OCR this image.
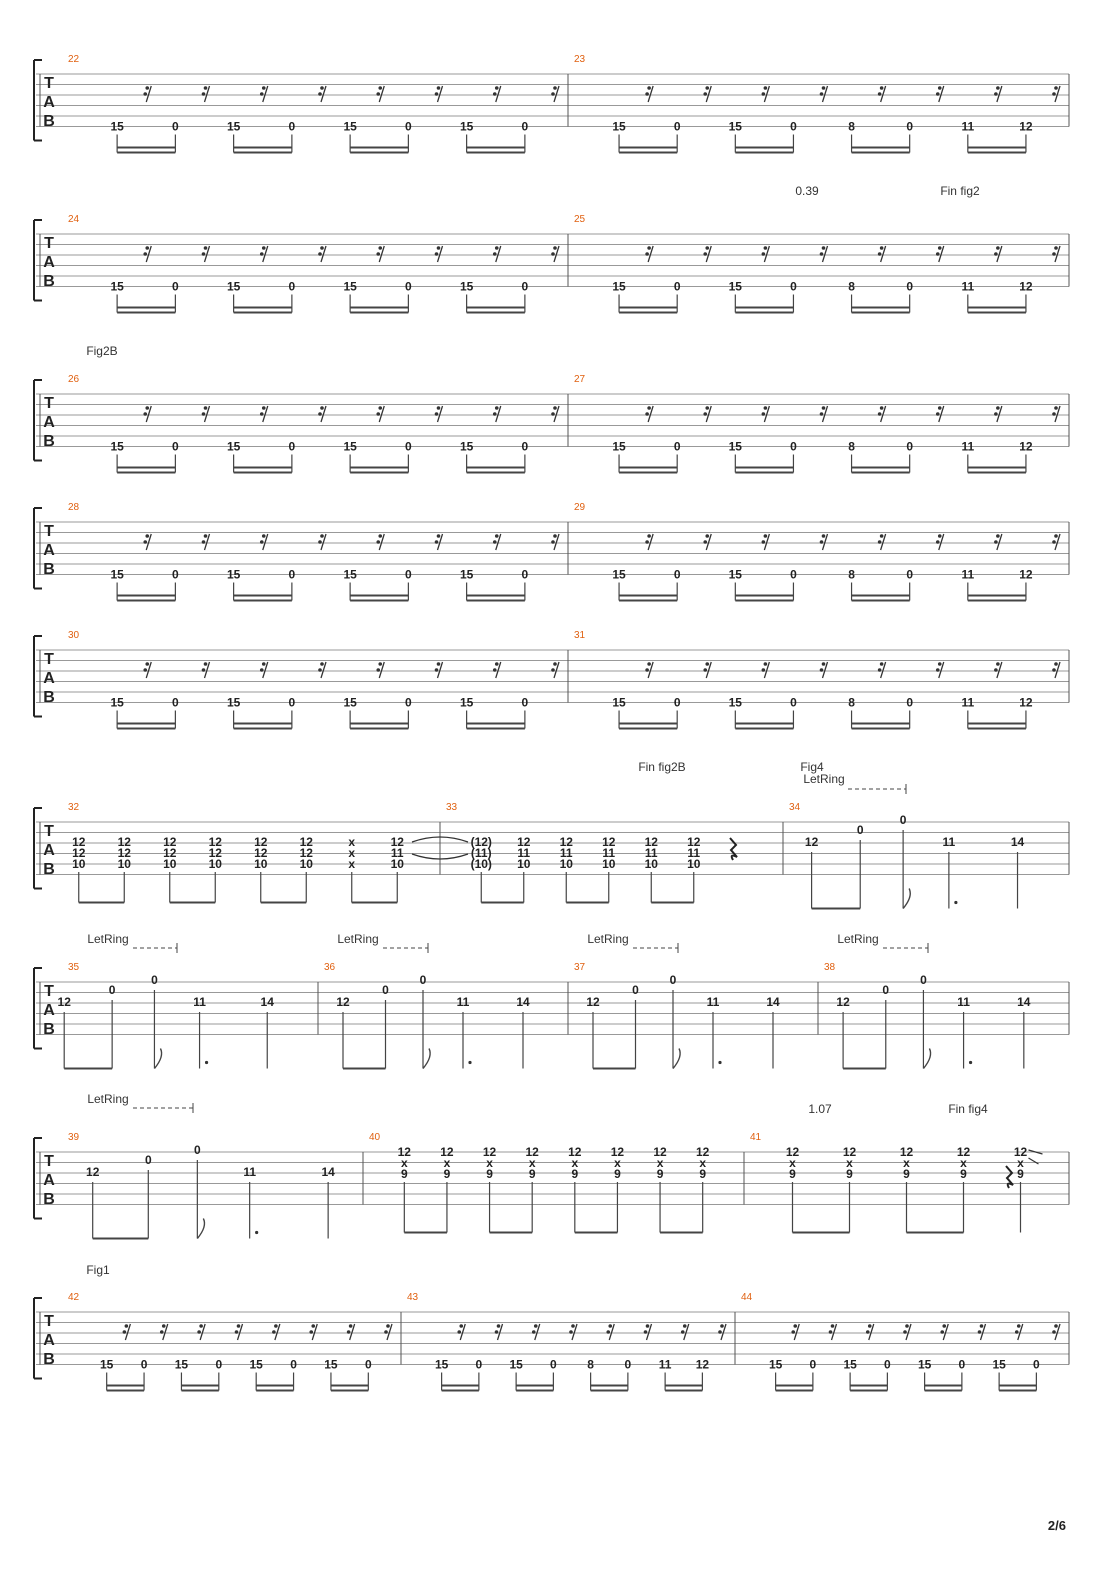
T
A
B
22
15	0	15	0	15	0	15	0
23
15	0	15	0	8	0	11	12
T
A
B
0.39	Fin fig2
24
15	0	15	0	15	0	15	0
25
15	0	15	0	8	0	11	12
T
A
B
Fig2B
26
15	0	15	0	15	0	15	0
27
15	0	15	0	8	0	11	12
T
A
B
28
15	0	15	0	15	0	15	0
29
15	0	15	0	8	0	11	12
T
A
B
30
15	0	15	0	15	0	15	0
31
15	0	15	0	8	0	11	12
T
A
B
Fin fig2B	Fig4
LetRing
32
12
12
10
12
12
10
12
12
10
12
12
10
12
12
10
12
12
10
x
x
x
12
11
10
33
(12)
(11)
(10)
12
11
10
12
11
10
12
11
10
12
11
10
12
11
10
34
12
0
0
11	14
T
A
B
LetRing	LetRing	LetRing	LetRing
35
12
0
0
11	14
36
12
0
0
11	14
37
12
0
0
11	14
38
12
0
0
11	14
T
A
B
LetRing
1.07	Fin fig4
39
12
0
0
11	14
40
12
x
9
12
x
9
12
x
9
12
x
9
12
x
9
12
x
9
12
x
9
12
x
9
41
12
x
9
12
x
9
12
x
9
12
x
9
12
x
9
T
A
B
Fig1
42
15 0 15 0 15 0 15 0
43
15 0 15 0	8	0 11 12
44
15 0 15 0 15 0 15 0
2/6
